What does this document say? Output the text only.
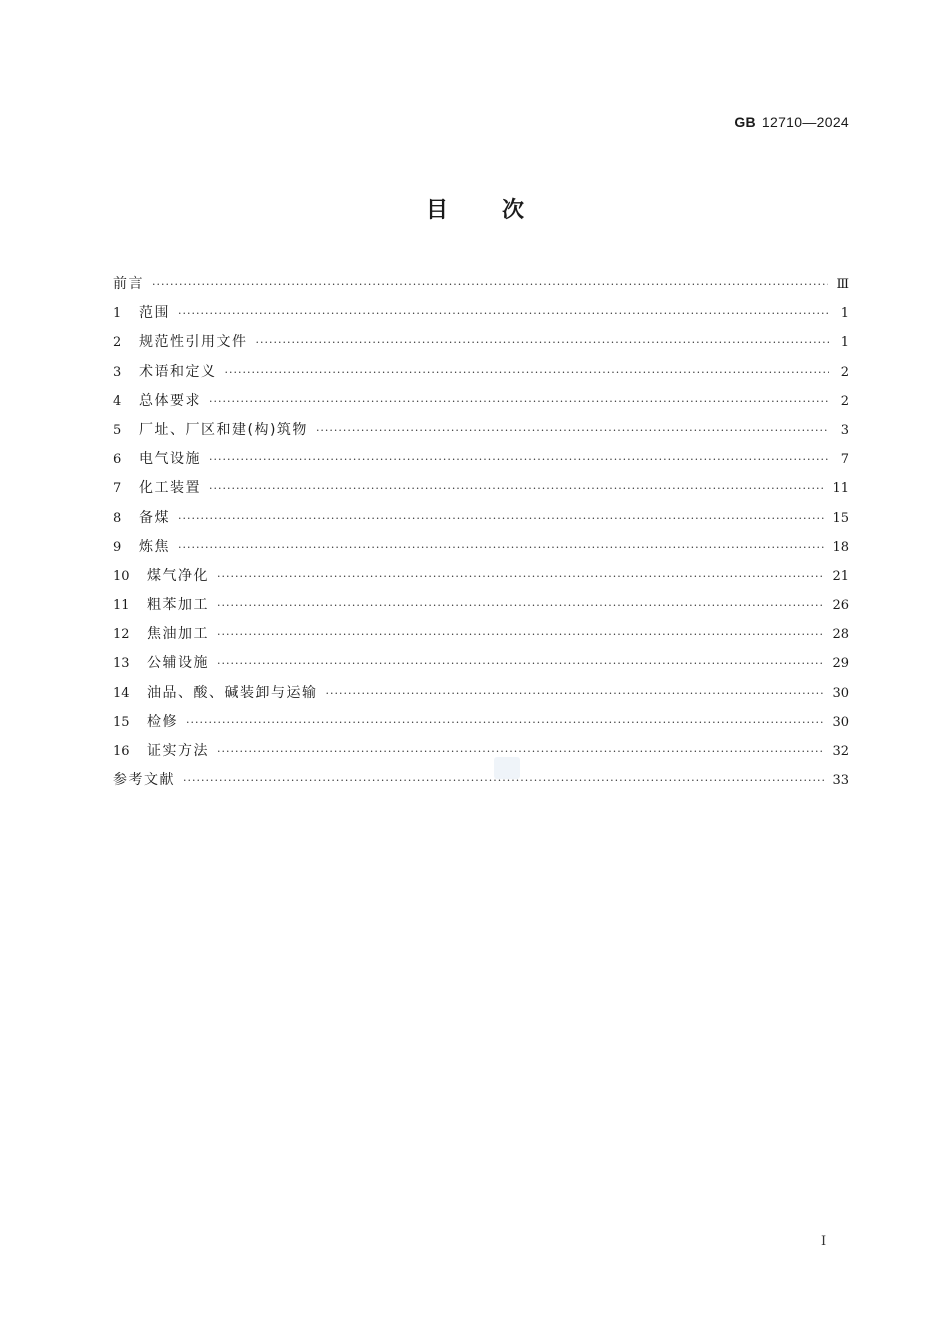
GB 12710—2024
目 次
前言 ·····	Ⅲ
1	范围 ·····	1
2	规范性引用文件 ·····	1
3	术语和定义 ·····	2
4	总体要求 ·····	2
5	厂址、厂区和建(构)筑物 ·····	3
6	电气设施 ·····	7
7	化工装置 ·····	11
8	备煤 ·····	15
9	炼焦 ·····	18
10	煤气净化 ·····	21
11	粗苯加工 ·····	26
12	焦油加工 ·····	28
13	公辅设施 ·····	29
14	油品、酸、碱装卸与运输 ·····	30
15	检修 ·····	30
16	证实方法 ·····	32
参考文献 ·····	33
Ⅰ
